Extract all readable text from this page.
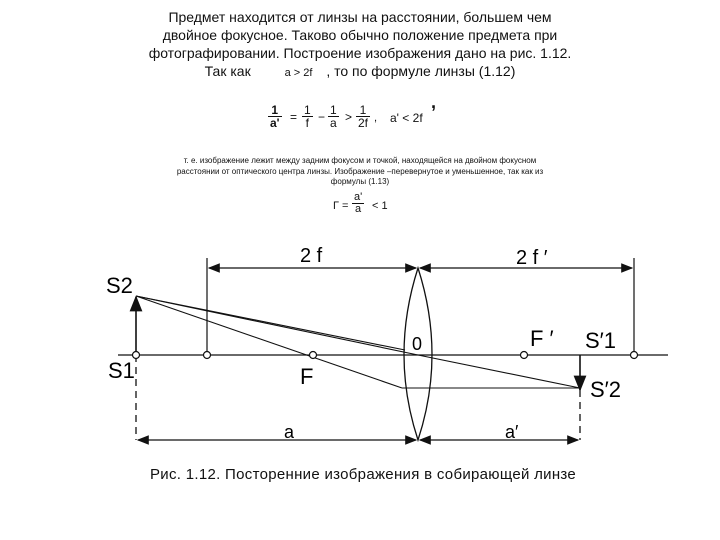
Предмет находится от линзы на расстоянии, большем чем
двойное фокусное. Таково обычно положение предмета при
фотографировании. Построение изображения дано на рис. 1.12.
Так как	a > 2f , то по формуле линзы (1.12)
$\frac{1}{a'} = \frac{1}{f} - \frac{1}{a} > \frac{1}{2f}$ , a' < 2f
,
т. е. изображение лежит между задним фокусом и точкой, находящейся на двойном фокусном
расстоянии от оптического центра линзы. Изображение –перевернутое и уменьшенное, так как из
формулы (1.13)
$Г = \frac{a'}{a} < 1$
2 f	2 f ′
S2
S1	F
0	F ′ S′1
S′2
a	a′
Рис. 1.12. Посторенние изображения в собирающей линзе
